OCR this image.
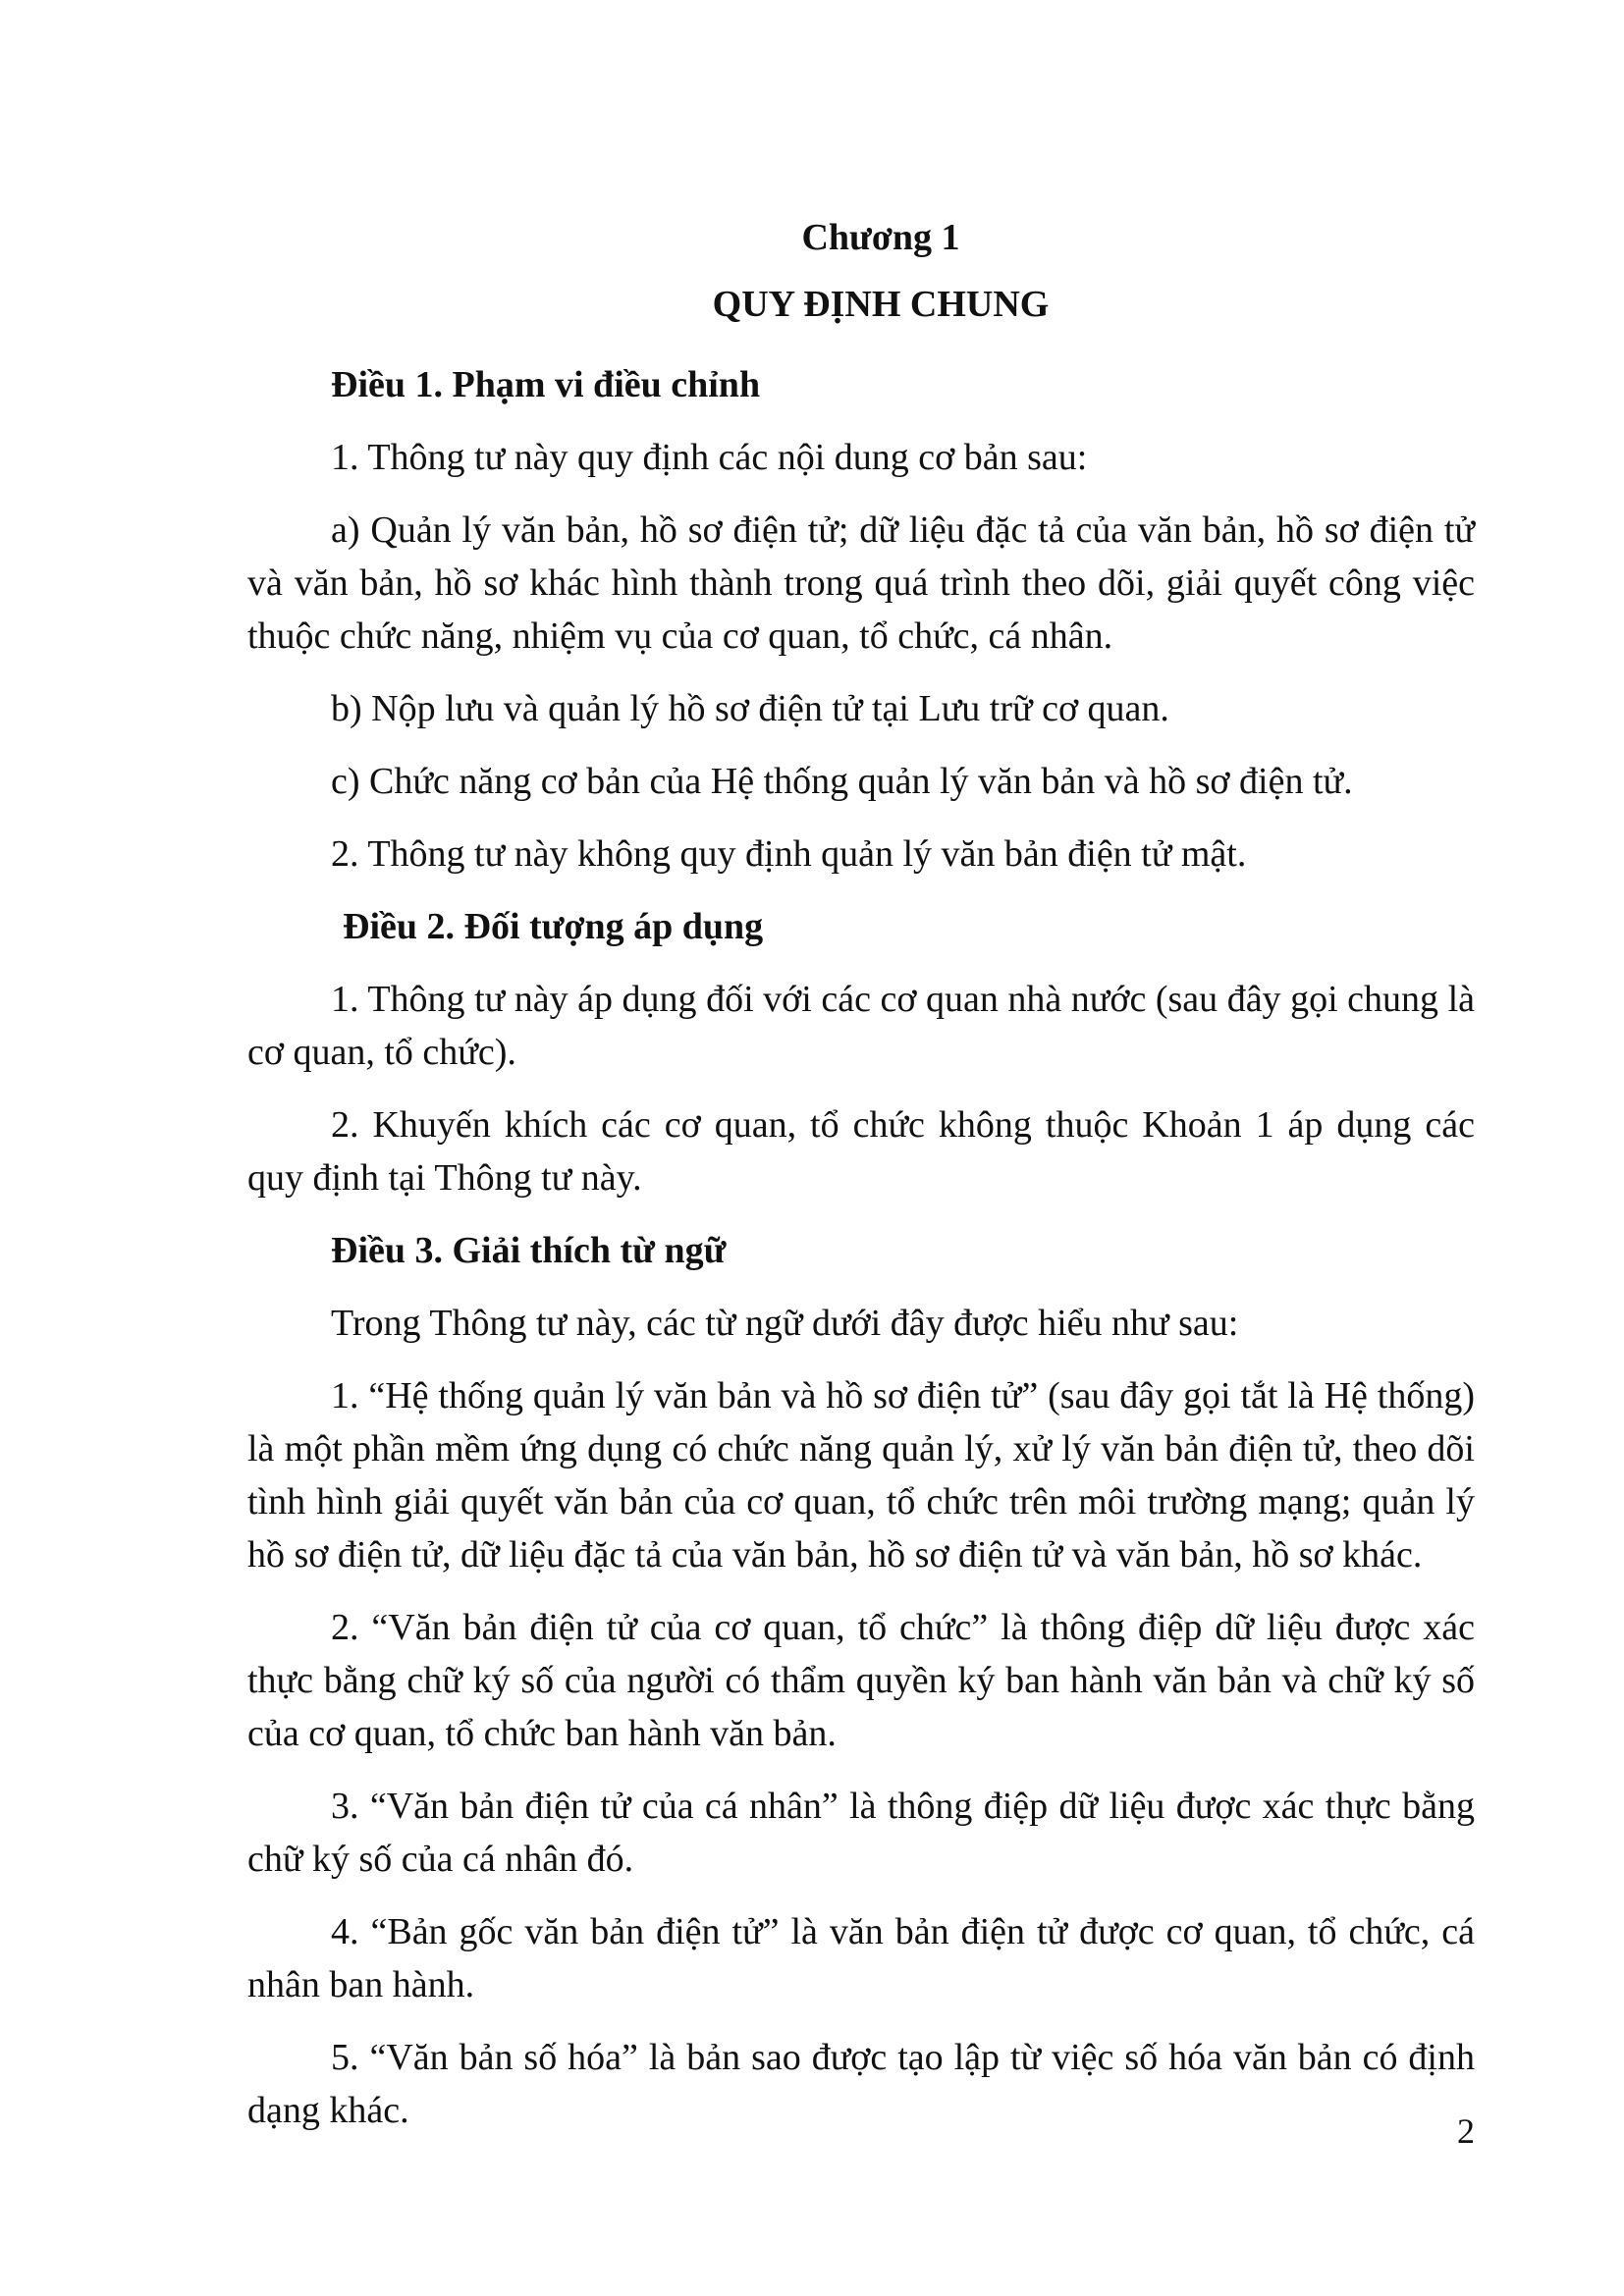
Chương 1

QUY ĐỊNH CHUNG

Điều 1. Phạm vi điều chỉnh

1. Thông tư này quy định các nội dung cơ bản sau:

a) Quản lý văn bản, hồ sơ điện tử; dữ liệu đặc tả của văn bản, hồ sơ điện tử và văn bản, hồ sơ khác hình thành trong quá trình theo dõi, giải quyết công việc thuộc chức năng, nhiệm vụ của cơ quan, tổ chức, cá nhân.

b) Nộp lưu và quản lý hồ sơ điện tử tại Lưu trữ cơ quan.

c) Chức năng cơ bản của Hệ thống quản lý văn bản và hồ sơ điện tử.

2. Thông tư này không quy định quản lý văn bản điện tử mật.

Điều 2. Đối tượng áp dụng

1. Thông tư này áp dụng đối với các cơ quan nhà nước (sau đây gọi chung là cơ quan, tổ chức).

2. Khuyến khích các cơ quan, tổ chức không thuộc Khoản 1 áp dụng các quy định tại Thông tư này.

Điều 3. Giải thích từ ngữ

Trong Thông tư này, các từ ngữ dưới đây được hiểu như sau:

1. “Hệ thống quản lý văn bản và hồ sơ điện tử” (sau đây gọi tắt là Hệ thống) là một phần mềm ứng dụng có chức năng quản lý, xử lý văn bản điện tử, theo dõi tình hình giải quyết văn bản của cơ quan, tổ chức trên môi trường mạng; quản lý hồ sơ điện tử, dữ liệu đặc tả của văn bản, hồ sơ điện tử và văn bản, hồ sơ khác.

2. “Văn bản điện tử của cơ quan, tổ chức” là thông điệp dữ liệu được xác thực bằng chữ ký số của người có thẩm quyền ký ban hành văn bản và chữ ký số của cơ quan, tổ chức ban hành văn bản.

3. “Văn bản điện tử của cá nhân” là thông điệp dữ liệu được xác thực bằng chữ ký số của cá nhân đó.

4. “Bản gốc văn bản điện tử” là văn bản điện tử được cơ quan, tổ chức, cá nhân ban hành.

5. “Văn bản số hóa” là bản sao được tạo lập từ việc số hóa văn bản có định dạng khác.	2
